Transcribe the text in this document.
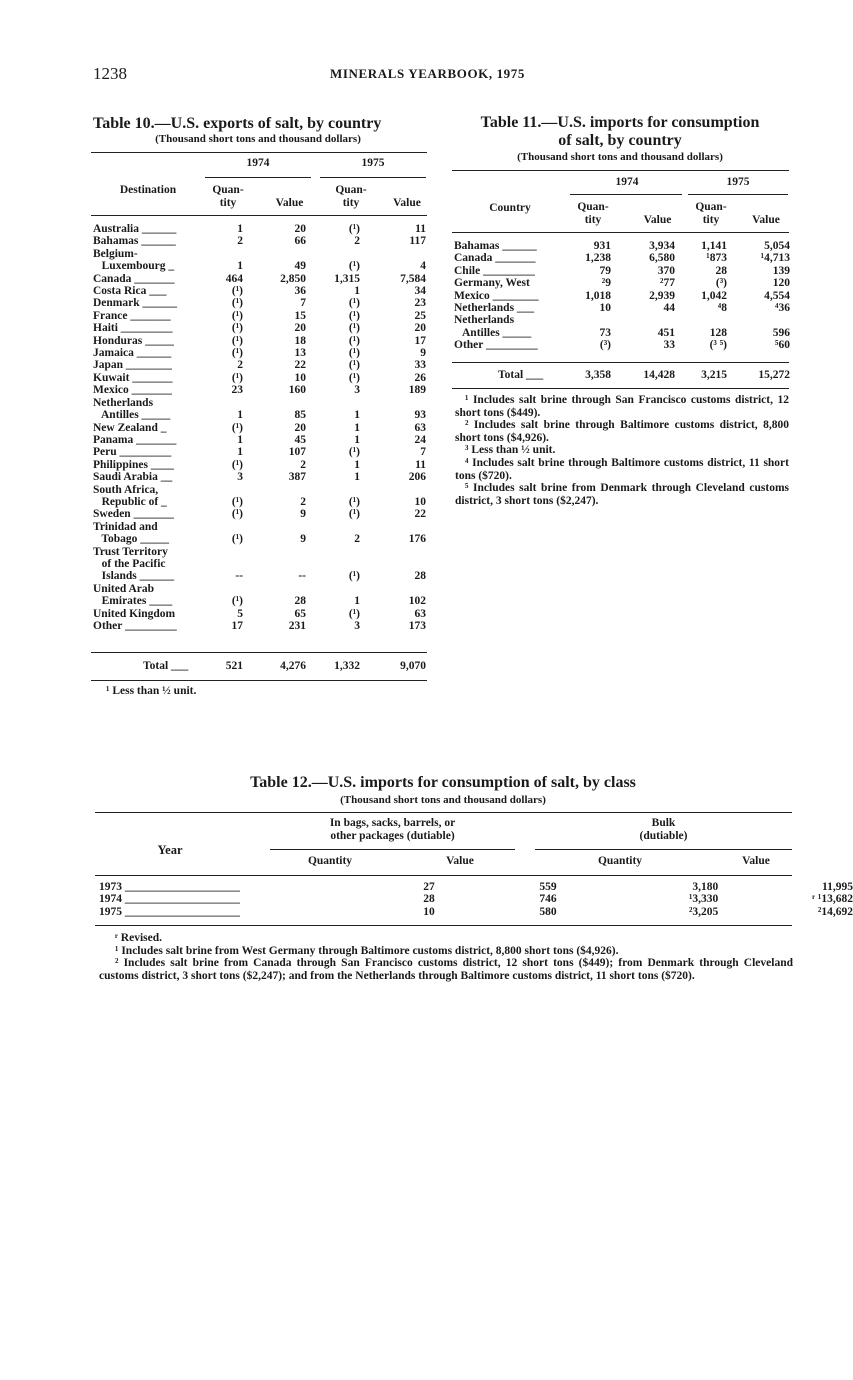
1238	MINERALS YEARBOOK, 1975
Table 10.—U.S. exports of salt, by country
(Thousand short tons and thousand dollars)
1974	1975
Destination	Quan-
tity	Value
Quan-
tity	Value
Australia ______	1	20	(¹)	11
Bahamas ______	2	66	2	117
Belgium-				
Luxembourg _	1	49	(¹)	4
Canada _______	464	2,850	1,315	7,584
Costa Rica ___	(¹)	36	1	34
Denmark ______	(¹)	7	(¹)	23
France _______	(¹)	15	(¹)	25
Haiti _________	(¹)	20	(¹)	20
Honduras _____	(¹)	18	(¹)	17
Jamaica ______	(¹)	13	(¹)	9
Japan ________	2	22	(¹)	33
Kuwait _______	(¹)	10	(¹)	26
Mexico _______	23	160	3	189
Netherlands				
Antilles _____	1	85	1	93
New Zealand _	(¹)	20	1	63
Panama _______	1	45	1	24
Peru _________	1	107	(¹)	7
Philippines ____	(¹)	2	1	11
Saudi Arabia __	3	387	1	206
South Africa,				
Republic of _	(¹)	2	(¹)	10
Sweden _______	(¹)	9	(¹)	22
Trinidad and				
Tobago _____	(¹)	9	2	176
Trust Territory				
of the Pacific				
Islands ______	--	--	(¹)	28
United Arab				
Emirates ____	(¹)	28	1	102
United Kingdom	5	65	(¹)	63
Other _________	17	231	3	173
Total ___	521	4,276	1,332	9,070
¹ Less than ½ unit.
Table 11.—U.S. imports for consumption
of salt, by country
(Thousand short tons and thousand dollars)
1974	1975
Country	Quan-
tity	Value
Quan-
tity	Value
Bahamas ______	931	3,934	1,141	5,054
Canada _______	1,238	6,580	¹873	¹4,713
Chile _________	79	370	28	139
Germany, West	²9	²77	(³)	120
Mexico ________	1,018	2,939	1,042	4,554
Netherlands ___	10	44	⁴8	⁴36
Netherlands				
Antilles _____	73	451	128	596
Other _________	(³)	33	(³ ⁵)	⁵60
Total ___	3,358	14,428	3,215	15,272

¹ Includes salt brine through San Francisco customs district, 12 short tons ($449).

² Includes salt brine through Baltimore customs district, 8,800 short tons ($4,926).

³ Less than ½ unit.

⁴ Includes salt brine through Baltimore customs district, 11 short tons ($720).

⁵ Includes salt brine from Denmark through Cleveland customs district, 3 short tons ($2,247).

Table 12.—U.S. imports for consumption of salt, by class
(Thousand short tons and thousand dollars)
Year
In bags, sacks, barrels, or
other packages (dutiable)
Bulk
(dutiable)
Quantity	Value	Quantity	Value
1973 ____________________	27	559	3,180	11,995
1974 ____________________	28	746	¹3,330	ʳ ¹13,682
1975 ____________________	10	580	²3,205	²14,692

ʳ Revised.

¹ Includes salt brine from West Germany through Baltimore customs district, 8,800 short tons ($4,926).

² Includes salt brine from Canada through San Francisco customs district, 12 short tons ($449); from Denmark through Cleveland customs district, 3 short tons ($2,247); and from the Netherlands through Baltimore customs district, 11 short tons ($720).
